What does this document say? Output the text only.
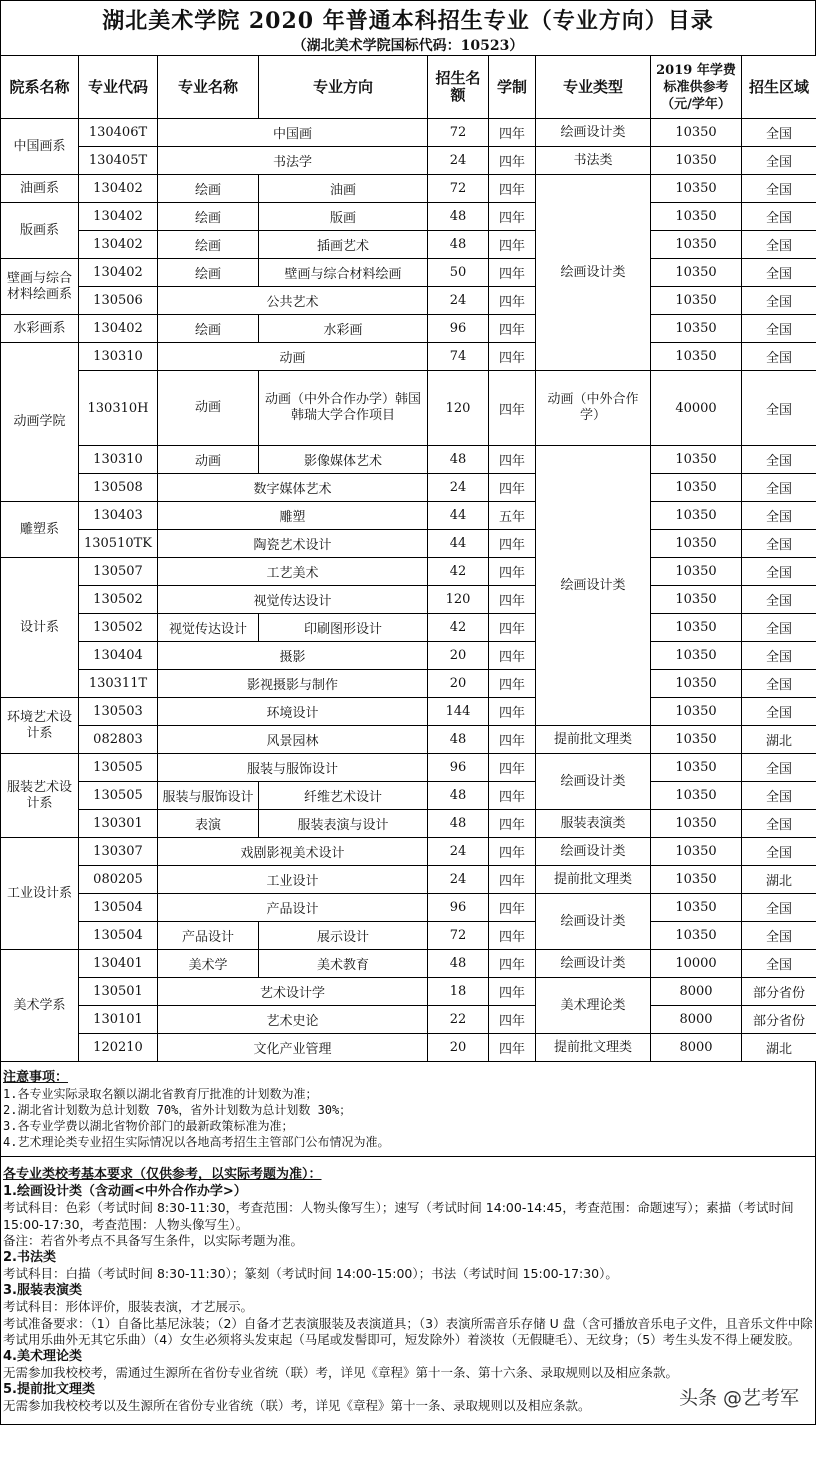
湖北美术学院 2020 年普通本科招生专业（专业方向）目录
（湖北美术学院国标代码：10523）
院系名称	专业代码	专业名称	专业方向	招生名额	学制	专业类型	2019 年学费标准供参考（元/学年）	招生区域
中国画系	130406T	中国画		72	四年	绘画设计类	10350	全国
	130405T	书法学		24	四年	书法类	10350	全国
油画系	130402	绘画	油画	72	四年	绘画设计类	10350	全国
版画系	130402	绘画	版画	48	四年		10350	全国
	130402	绘画	插画艺术	48	四年		10350	全国
壁画与综合材料绘画系	130402	绘画	壁画与综合材料绘画	50	四年		10350	全国
	130506	公共艺术		24	四年		10350	全国
水彩画系	130402	绘画	水彩画	96	四年		10350	全国
动画学院	130310	动画		74	四年		10350	全国
	130310H	动画	动画（中外合作办学）韩国韩瑞大学合作项目	120	四年	动画（中外合作学）	40000	全国
	130310	动画	影像媒体艺术	48	四年	绘画设计类	10350	全国
	130508	数字媒体艺术		24	四年		10350	全国
雕塑系	130403	雕塑		44	五年		10350	全国
	130510TK	陶瓷艺术设计		44	四年		10350	全国
设计系	130507	工艺美术		42	四年		10350	全国
	130502	视觉传达设计		120	四年		10350	全国
	130502	视觉传达设计	印刷图形设计	42	四年		10350	全国
	130404	摄影		20	四年		10350	全国
	130311T	影视摄影与制作		20	四年		10350	全国
环境艺术设计系	130503	环境设计		144	四年		10350	全国
	082803	风景园林		48	四年	提前批文理类	10350	湖北
服装艺术设计系	130505	服装与服饰设计		96	四年	绘画设计类	10350	全国
	130505	服装与服饰设计	纤维艺术设计	48	四年		10350	全国
	130301	表演	服装表演与设计	48	四年	服装表演类	10350	全国
工业设计系	130307	戏剧影视美术设计		24	四年	绘画设计类	10350	全国
	080205	工业设计		24	四年	提前批文理类	10350	湖北
	130504	产品设计		96	四年	绘画设计类	10350	全国
	130504	产品设计	展示设计	72	四年		10350	全国
美术学系	130401	美术学	美术教育	48	四年	绘画设计类	10000	全国
	130501	艺术设计学		18	四年	美术理论类	8000	部分省份
	130101	艺术史论		22	四年		8000	部分省份
	120210	文化产业管理		20	四年	提前批文理类	8000	湖北
注意事项：
1.各专业实际录取名额以湖北省教育厅批准的计划数为准；
2.湖北省计划数为总计划数 70%，省外计划数为总计划数 30%；
3.各专业学费以湖北省物价部门的最新政策标准为准；
4.艺术理论类专业招生实际情况以各地高考招生主管部门公布情况为准。
各专业类校考基本要求（仅供参考，以实际考题为准）：
1.绘画设计类（含动画<中外合作办学>）
考试科目：色彩（考试时间 8:30-11:30，考查范围：人物头像写生）；速写（考试时间 14:00-14:45，考查范围：命题速写）；素描（考试时间 15:00-17:30，考查范围：人物头像写生）。
备注：若省外考点不具备写生条件，以实际考题为准。
2.书法类
考试科目：白描（考试时间 8:30-11:30）；篆刻（考试时间 14:00-15:00）；书法（考试时间 15:00-17:30）。
3.服装表演类
考试科目：形体评价，服装表演，才艺展示。
考试准备要求：（1）自备比基尼泳装；（2）自备才艺表演服装及表演道具；（3）表演所需音乐存储 U 盘（含可播放音乐电子文件，且音乐文件中除考试用乐曲外无其它乐曲）（4）女生必须将头发束起（马尾或发髻即可，短发除外）着淡妆（无假睫毛）、无纹身；（5）考生头发不得上硬发胶。
4.美术理论类
无需参加我校校考，需通过生源所在省份专业省统（联）考，详见《章程》第十一条、第十六条、录取规则以及相应条款。
5.提前批文理类
无需参加我校校考以及生源所在省份专业省统（联）考，详见《章程》第十一条、录取规则以及相应条款。	头条 @艺考军
